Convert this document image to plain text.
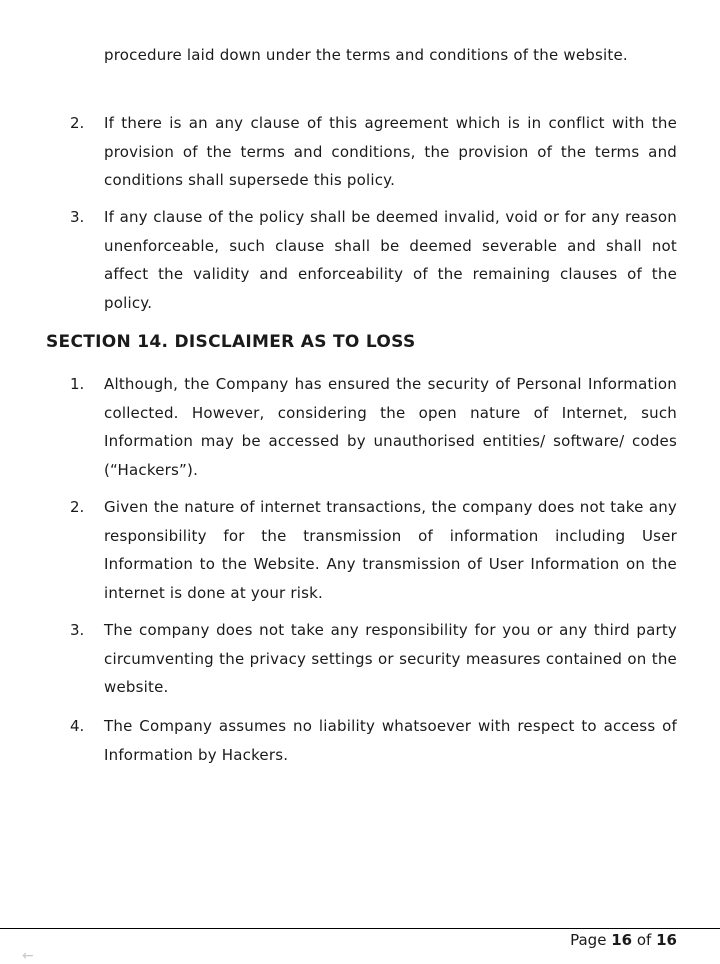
procedure laid down under the terms and conditions of the website.
2.	If there is an any clause of this agreement which is in conflict with the provision of the terms and conditions, the provision of the terms and conditions shall supersede this policy.
3.	If any clause of the policy shall be deemed invalid, void or for any reason unenforceable, such clause shall be deemed severable and shall not affect the validity and enforceability of the remaining clauses of the policy.
SECTION 14. DISCLAIMER AS TO LOSS
1.	Although, the Company has ensured the security of Personal Information collected. However, considering the open nature of Internet, such Information may be accessed by unauthorised entities/ software/ codes (“Hackers”).
2.	Given the nature of internet transactions, the company does not take any responsibility for the transmission of information including User Information to the Website. Any transmission of User Information on the internet is done at your risk.
3.	The company does not take any responsibility for you or any third party circumventing the privacy settings or security measures contained on the website.
4.	The Company assumes no liability whatsoever with respect to access of Information by Hackers.
Page 16 of 16
←
